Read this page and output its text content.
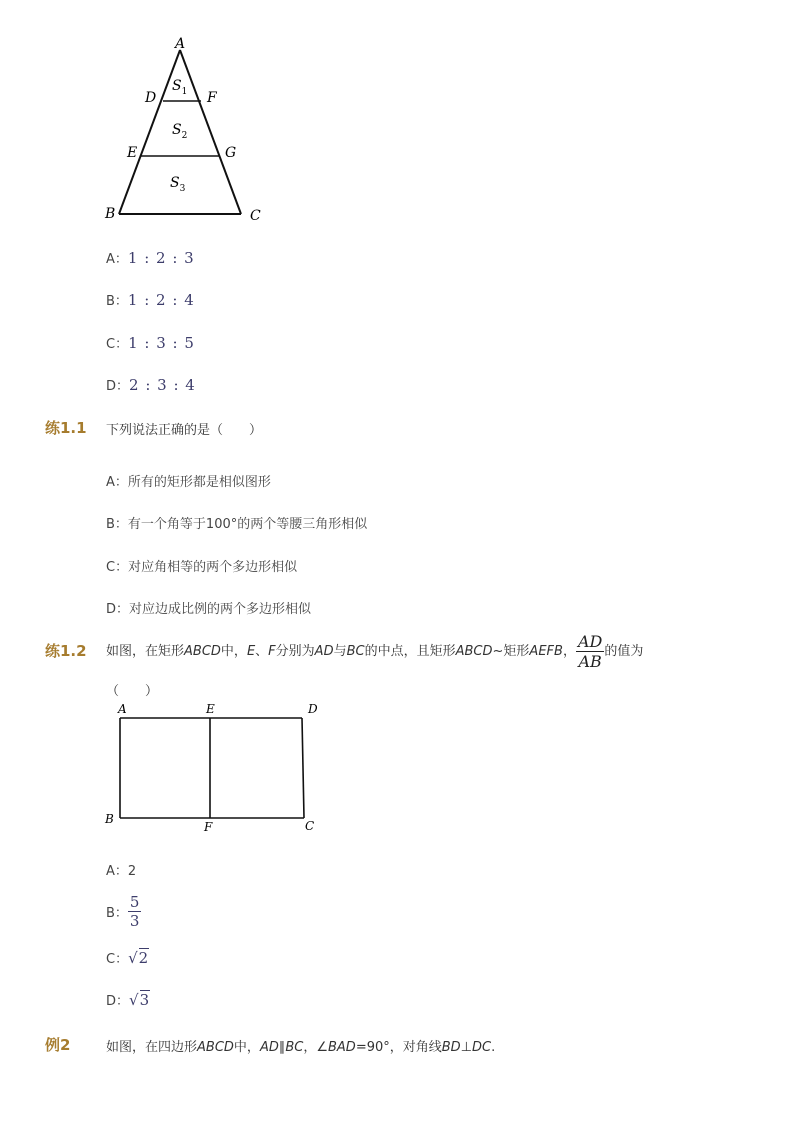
A
D	F
E	G
B	C
$S_1$
$S_2$
$S_3$
A：1 : 2 : 3
B：1 : 2 : 4
C：1 : 3 : 5
D：2 : 3 : 4
练1.1 下列说法正确的是（　　）
A：所有的矩形都是相似图形
B：有一个角等于100°的两个等腰三角形相似
C：对应角相等的两个多边形相似
D：对应边成比例的两个多边形相似
练1.2 如图，在矩形ABCD中，E、F分别为AD与BC的中点，且矩形ABCD~矩形AEFB， $\frac{AD}{AB}$ 的值为
（　　）
A	E	D
B
F	C
A：2
B： $\frac{5}{3}$
C：√2
D：√3
例2	如图，在四边形ABCD中，AD∥BC，∠BAD=90°，对角线BD⊥DC.
